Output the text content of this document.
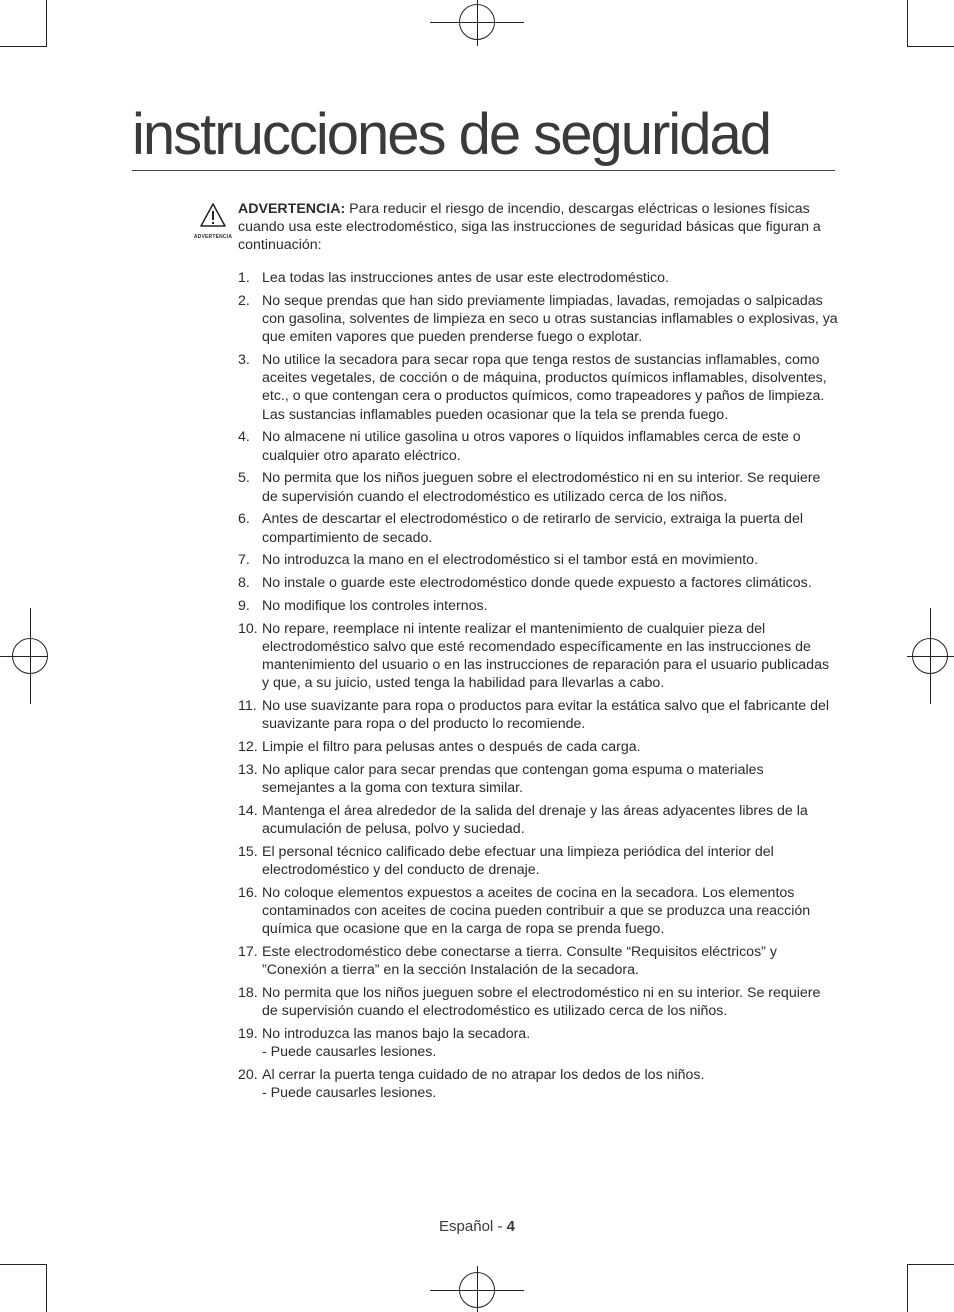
instrucciones de seguridad
ADVERTENCIA
ADVERTENCIA: Para reducir el riesgo de incendio, descargas eléctricas o lesiones físicas cuando usa este electrodoméstico, siga las instrucciones de seguridad básicas que figuran a continuación:
1. Lea todas las instrucciones antes de usar este electrodoméstico.
2. No seque prendas que han sido previamente limpiadas, lavadas, remojadas o salpicadas con gasolina, solventes de limpieza en seco u otras sustancias inflamables o explosivas, ya que emiten vapores que pueden prenderse fuego o explotar.
3. No utilice la secadora para secar ropa que tenga restos de sustancias inflamables, como aceites vegetales, de cocción o de máquina, productos químicos inflamables, disolventes, etc., o que contengan cera o productos químicos, como trapeadores y paños de limpieza. Las sustancias inflamables pueden ocasionar que la tela se prenda fuego.
4. No almacene ni utilice gasolina u otros vapores o líquidos inflamables cerca de este o cualquier otro aparato eléctrico.
5. No permita que los niños jueguen sobre el electrodoméstico ni en su interior. Se requiere de supervisión cuando el electrodoméstico es utilizado cerca de los niños.
6. Antes de descartar el electrodoméstico o de retirarlo de servicio, extraiga la puerta del compartimiento de secado.
7. No introduzca la mano en el electrodoméstico si el tambor está en movimiento.
8. No instale o guarde este electrodoméstico donde quede expuesto a factores climáticos.
9. No modifique los controles internos.
10. No repare, reemplace ni intente realizar el mantenimiento de cualquier pieza del electrodoméstico salvo que esté recomendado específicamente en las instrucciones de mantenimiento del usuario o en las instrucciones de reparación para el usuario publicadas y que, a su juicio, usted tenga la habilidad para llevarlas a cabo.
11. No use suavizante para ropa o productos para evitar la estática salvo que el fabricante del suavizante para ropa o del producto lo recomiende.
12. Limpie el filtro para pelusas antes o después de cada carga.
13. No aplique calor para secar prendas que contengan goma espuma o materiales semejantes a la goma con textura similar.
14. Mantenga el área alrededor de la salida del drenaje y las áreas adyacentes libres de la acumulación de pelusa, polvo y suciedad.
15. El personal técnico calificado debe efectuar una limpieza periódica del interior del electrodoméstico y del conducto de drenaje.
16. No coloque elementos expuestos a aceites de cocina en la secadora. Los elementos contaminados con aceites de cocina pueden contribuir a que se produzca una reacción química que ocasione que en la carga de ropa se prenda fuego.
17. Este electrodoméstico debe conectarse a tierra. Consulte “Requisitos eléctricos” y ”Conexión a tierra” en la sección Instalación de la secadora.
18. No permita que los niños jueguen sobre el electrodoméstico ni en su interior. Se requiere de supervisión cuando el electrodoméstico es utilizado cerca de los niños.
19. No introduzca las manos bajo la secadora.
- Puede causarles lesiones.
20. Al cerrar la puerta tenga cuidado de no atrapar los dedos de los niños.
- Puede causarles lesiones.
Español - 4
